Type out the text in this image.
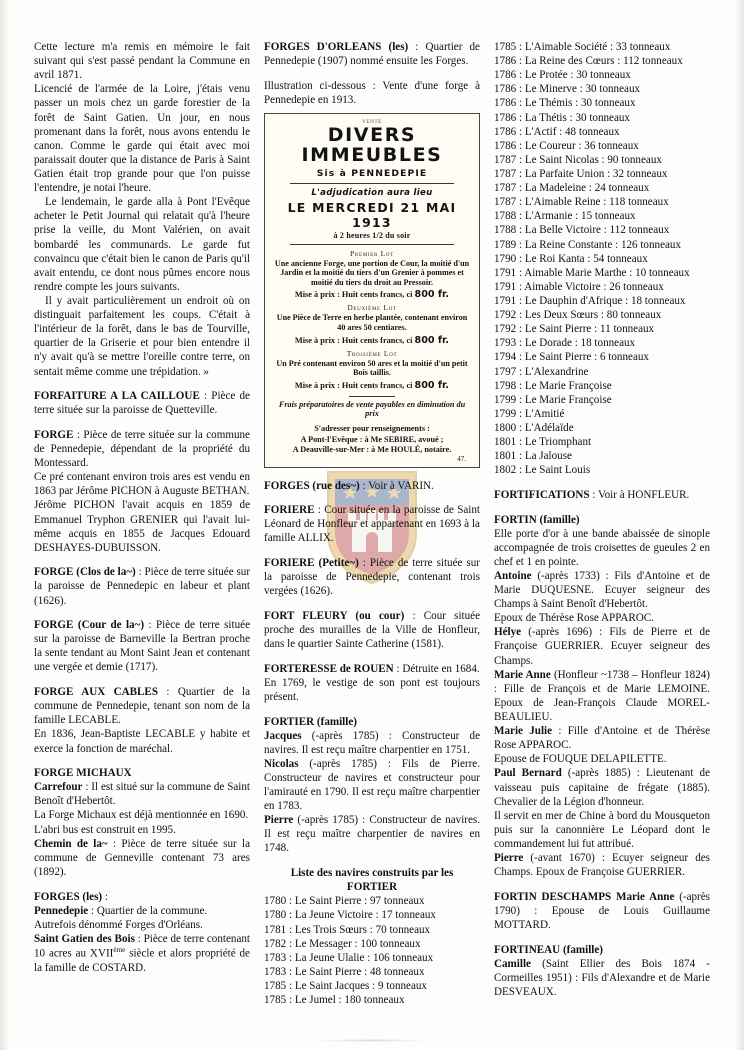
Cette lecture m'a remis en mémoire le fait suivant qui s'est passé pendant la Commune en avril 1871.

Licencié de l'armée de la Loire, j'étais venu passer un mois chez un garde forestier de la forêt de Saint Gatien. Un jour, en nous promenant dans la forêt, nous avons entendu le canon. Comme le garde qui était avec moi paraissait douter que la distance de Paris à Saint Gatien était trop grande pour que l'on puisse l'entendre, je notai l'heure.

Le lendemain, le garde alla à Pont l'Evêque acheter le Petit Journal qui relatait qu'à l'heure prise la veille, du Mont Valérien, on avait bombardé les communards. Le garde fut convaincu que c'était bien le canon de Paris qu'il avait entendu, ce dont nous pûmes encore nous rendre compte les jours suivants.

Il y avait particulièrement un endroit où on distinguait parfaitement les coups. C'était à l'intérieur de la forêt, dans le bas de Tourville, quartier de la Griserie et pour bien entendre il n'y avait qu'à se mettre l'oreille contre terre, on sentait même comme une trépidation. »

FORFAITURE A LA CAILLOUE : Pièce de terre située sur la paroisse de Quetteville.

FORGE : Pièce de terre située sur la commune de Pennedepie, dépendant de la propriété du Montessard.

Ce pré contenant environ trois ares est vendu en 1863 par Jérôme PICHON à Auguste BETHAN.

Jérôme PICHON l'avait acquis en 1859 de Emmanuel Tryphon GRENIER qui l'avait lui-même acquis en 1855 de Jacques Edouard DESHAYES-DUBUISSON.

FORGE (Clos de la~) : Pièce de terre située sur la paroisse de Pennedepic en labeur et plant (1626).

FORGE (Cour de la~) : Pièce de terre située sur la paroisse de Barneville la Bertran proche la sente tendant au Mont Saint Jean et contenant une vergée et demie (1717).

FORGE AUX CABLES : Quartier de la commune de Pennedepie, tenant son nom de la famille LECABLE.

En 1836, Jean-Baptiste LECABLE y habite et exerce la fonction de maréchal.

FORGE MICHAUX

Carrefour : Il est situé sur la commune de Saint Benoît d'Hebertôt.

La Forge Michaux est déjà mentionnée en 1690.

L'abri bus est construit en 1995.

Chemin de la~ : Pièce de terre située sur la commune de Genneville contenant 73 ares (1892).

FORGES (les) :

Pennedepie : Quartier de la commune.

Autrefois dénommé Forges d'Orléans.

Saint Gatien des Bois : Pièce de terre contenant 10 acres au XVIIème siècle et alors propriété de la famille de COSTARD.

FORGES D'ORLEANS (les) : Quartier de Pennedepie (1907) nommé ensuite les Forges.

Illustration ci-dessous : Vente d'une forge à Pennedepie en 1913.

VENTE
DIVERS IMMEUBLES
Sis à PENNEDEPIE
L'adjudication aura lieu
LE MERCREDI 21 MAI 1913
à 2 heures 1/2 du soir
Premier Lot
Une ancienne Forge, une portion de Cour, la moitié d'un Jardin et la moitié du tiers d'un Grenier à pommes et moitié du tiers du droit au Pressoir.
Mise à prix : Huit cents francs, ci 800 fr.
Deuxième Lot
Une Pièce de Terre en herbe plantée, contenant environ 40 ares 50 centiares.
Mise à prix : Huit cents francs, ci 800 fr.
Troisième Lot
Un Pré contenant environ 50 ares et la moitié d'un petit Bois taillis.
Mise à prix : Huit cents francs, ci 800 fr.
Frais préparatoires de vente payables en diminution du prix
S'adresser pour renseignements :
A Pont-l'Evêque : à Me SEBIRE, avoué ;
A Deauville-sur-Mer : à Me HOULÉ, notaire.
47.

FORGES (rue des~) : Voir à VARIN.

FORIERE : Cour située en la paroisse de Saint Léonard de Honfleur et appartenant en 1693 à la famille ALLIX.

FORIERE (Petite~) : Pièce de terre située sur la paroisse de Pennedepie, contenant trois vergées (1626).

FORT FLEURY (ou cour) : Cour située proche des murailles de la Ville de Honfleur, dans le quartier Sainte Catherine (1581).

FORTERESSE de ROUEN : Détruite en 1684.

En 1769, le vestige de son pont est toujours présent.

FORTIER (famille)

Jacques (-après 1785) : Constructeur de navires. Il est reçu maître charpentier en 1751.

Nicolas (-après 1785) : Fils de Pierre. Constructeur de navires et constructeur pour l'amirauté en 1790. Il est reçu maître charpentier en 1783.

Pierre (-après 1785) : Constructeur de navires. Il est reçu maître charpentier de navires en 1748.

Liste des navires construits par les

FORTIER

1780 : Le Saint Pierre : 97 tonneaux

1780 : La Jeune Victoire : 17 tonneaux

1781 : Les Trois Sœurs : 70 tonneaux

1782 : Le Messager : 100 tonneaux

1783 : La Jeune Ulalie : 106 tonneaux

1783 : Le Saint Pierre : 48 tonneaux

1785 : Le Saint Jacques : 9 tonneaux

1785 : Le Jumel : 180 tonneaux

1785 : L'Aimable Société : 33 tonneaux

1786 : La Reine des Cœurs : 112 tonneaux

1786 : Le Protée : 30 tonneaux

1786 : Le Minerve : 30 tonneaux

1786 : Le Thémis : 30 tonneaux

1786 : La Thétis : 30 tonneaux

1786 : L'Actif : 48 tonneaux

1786 : Le Coureur : 36 tonneaux

1787 : Le Saint Nicolas : 90 tonneaux

1787 : La Parfaite Union : 32 tonneaux

1787 : La Madeleine : 24 tonneaux

1787 : L'Aimable Reine : 118 tonneaux

1788 : L'Armanie : 15 tonneaux

1788 : La Belle Victoire : 112 tonneaux

1789 : La Reine Constante : 126 tonneaux

1790 : Le Roi Kanta : 54 tonneaux

1791 : Aimable Marie Marthe : 10 tonneaux

1791 : Aimable Victoire : 26 tonneaux

1791 : Le Dauphin d'Afrique : 18 tonneaux

1792 : Les Deux Sœurs : 80 tonneaux

1792 : Le Saint Pierre : 11 tonneaux

1793 : Le Dorade : 18 tonneaux

1794 : Le Saint Pierre : 6 tonneaux

1797 : L'Alexandrine

1798 : Le Marie Françoise

1799 : Le Marie Françoise

1799 : L'Amitié

1800 : L'Adélaïde

1801 : Le Triomphant

1801 : La Jalouse

1802 : Le Saint Louis

FORTIFICATIONS : Voir à HONFLEUR.

FORTIN (famille)

Elle porte d'or à une bande abaissée de sinople accompagnée de trois croisettes de gueules 2 en chef et 1 en pointe.

Antoine (-après 1733) : Fils d'Antoine et de Marie DUQUESNE. Ecuyer seigneur des Champs à Saint Benoît d'Hebertôt.

Epoux de Thérèse Rose APPAROC.

Hélye (-après 1696) : Fils de Pierre et de Françoise GUERRIER. Ecuyer seigneur des Champs.

Marie Anne (Honfleur ~1738 – Honfleur 1824) : Fille de François et de Marie LEMOINE. Epoux de Jean-François Claude MOREL-BEAULIEU.

Marie Julie : Fille d'Antoine et de Thérèse Rose APPAROC.

Epouse de FOUQUE DELAPILETTE.

Paul Bernard (-après 1885) : Lieutenant de vaisseau puis capitaine de frégate (1885). Chevalier de la Légion d'honneur.

Il servit en mer de Chine à bord du Mousqueton puis sur la canonnière Le Léopard dont le commandement lui fut attribué.

Pierre (-avant 1670) : Ecuyer seigneur des Champs. Epoux de Françoise GUERRIER.

FORTIN DESCHAMPS Marie Anne (-après 1790) : Epouse de Louis Guillaume MOTTARD.

FORTINEAU (famille)

Camille (Saint Ellier des Bois 1874 - Cormeilles 1951) : Fils d'Alexandre et de Marie DESVEAUX.
